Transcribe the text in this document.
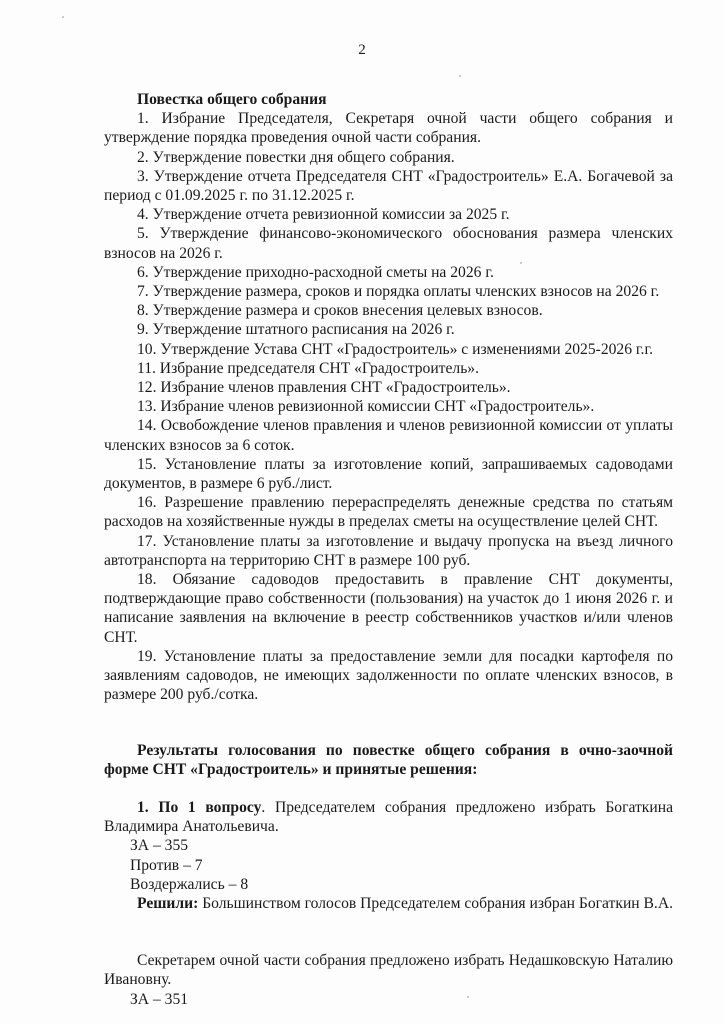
2

Повестка общего собрания

1. Избрание Председателя, Секретаря очной части общего собрания и утверждение порядка проведения очной части собрания.

2. Утверждение повестки дня общего собрания.

3. Утверждение отчета Председателя СНТ «Градостроитель» Е.А. Богачевой за период с 01.09.2025 г. по 31.12.2025 г.

4. Утверждение отчета ревизионной комиссии за 2025 г.

5. Утверждение финансово-экономического обоснования размера членских взносов на 2026 г.

6. Утверждение приходно-расходной сметы на 2026 г.

7. Утверждение размера, сроков и порядка оплаты членских взносов на 2026 г.

8. Утверждение размера и сроков внесения целевых взносов.

9. Утверждение штатного расписания на 2026 г.

10. Утверждение Устава СНТ «Градостроитель» с изменениями 2025-2026 г.г.

11. Избрание председателя СНТ «Градостроитель».

12. Избрание членов правления СНТ «Градостроитель».

13. Избрание членов ревизионной комиссии СНТ «Градостроитель».

14. Освобождение членов правления и членов ревизионной комиссии от уплаты членских взносов за 6 соток.

15. Установление платы за изготовление копий, запрашиваемых садоводами документов, в размере 6 руб./лист.

16. Разрешение правлению перераспределять денежные средства по статьям расходов на хозяйственные нужды в пределах сметы на осуществление целей СНТ.

17. Установление платы за изготовление и выдачу пропуска на въезд личного автотранспорта на территорию СНТ в размере 100 руб.

18. Обязание садоводов предоставить в правление СНТ документы, подтверждающие право собственности (пользования) на участок до 1 июня 2026 г. и написание заявления на включение в реестр собственников участков и/или членов СНТ.

19. Установление платы за предоставление земли для посадки картофеля по заявлениям садоводов, не имеющих задолженности по оплате членских взносов, в размере 200 руб./сотка.

Результаты голосования по повестке общего собрания в очно-заочной форме СНТ «Градостроитель» и принятые решения:

1. По 1 вопросу. Председателем собрания предложено избрать Богаткина Владимира Анатольевича.

ЗА – 355

Против – 7

Воздержались – 8

Решили: Большинством голосов Председателем собрания избран Богаткин В.А.

Секретарем очной части собрания предложено избрать Недашковскую Наталию Ивановну.

ЗА – 351
